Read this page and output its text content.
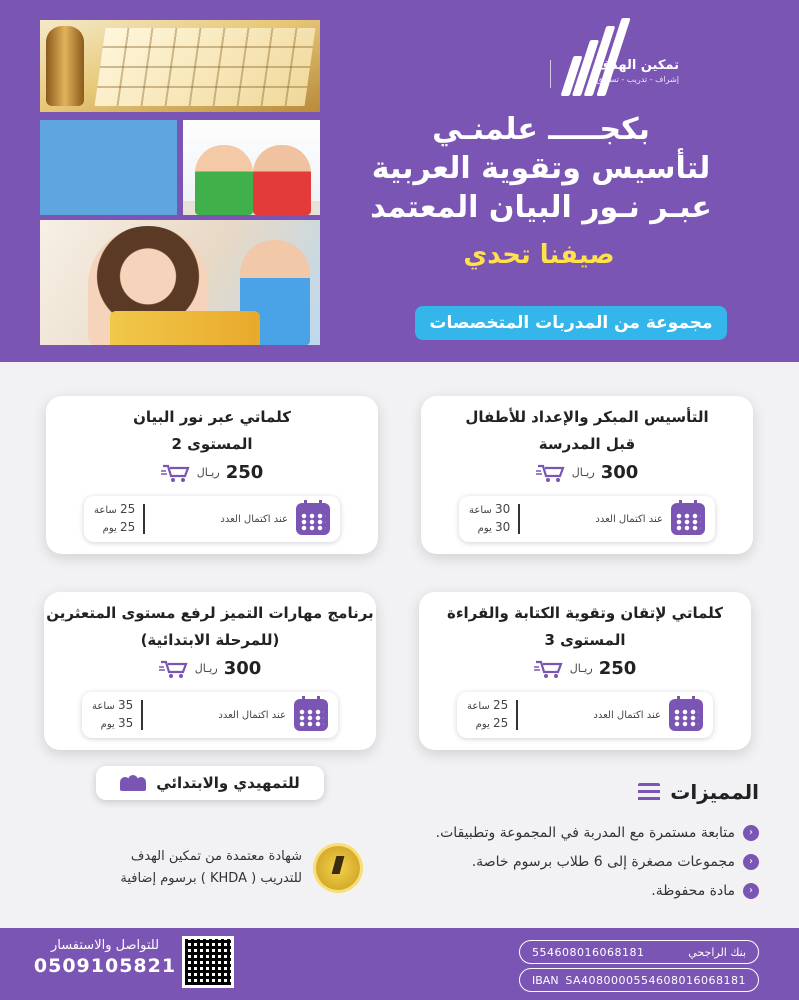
تمكين الهدف
إشراف - تدريب - تسويق
بكجـــــ علمنـي
لتأسيس وتقوية العربية
عبـر نـور البيان المعتمد
صيفنا تحدي
مجموعة من المدربات المتخصصات
التأسيس المبكر والإعداد للأطفال
قبل المدرسة
ريـال 300
عند اكتمال العدد
30 ساعة
30 يوم
كلماتي عبر نور البيان
المستوى 2
ريـال 250
عند اكتمال العدد
25 ساعة
25 يوم
كلماتي لإتقان وتقوية الكتابة والقراءة
المستوى 3
ريـال 250
عند اكتمال العدد
25 ساعة
25 يوم
برنامج مهارات التميز لرفع مستوى المتعثرين
(للمرحلة الابتدائية)
ريـال 300
عند اكتمال العدد
35 ساعة
35 يوم
للتمهيدي والابتدائي	المميزات
‹
متابعة مستمرة مع المدربة في المجموعة وتطبيقات.
‹
مجموعات مصغرة إلى 6 طلاب برسوم خاصة.
‹
مادة محفوظة.
شهادة معتمدة من تمكين الهدف
للتدريب ( KHDA ) برسوم إضافية
للتواصل والاستفسار
0509105821
بنك الراجحي
554608016068181
SA4080000554608016068181
IBAN
